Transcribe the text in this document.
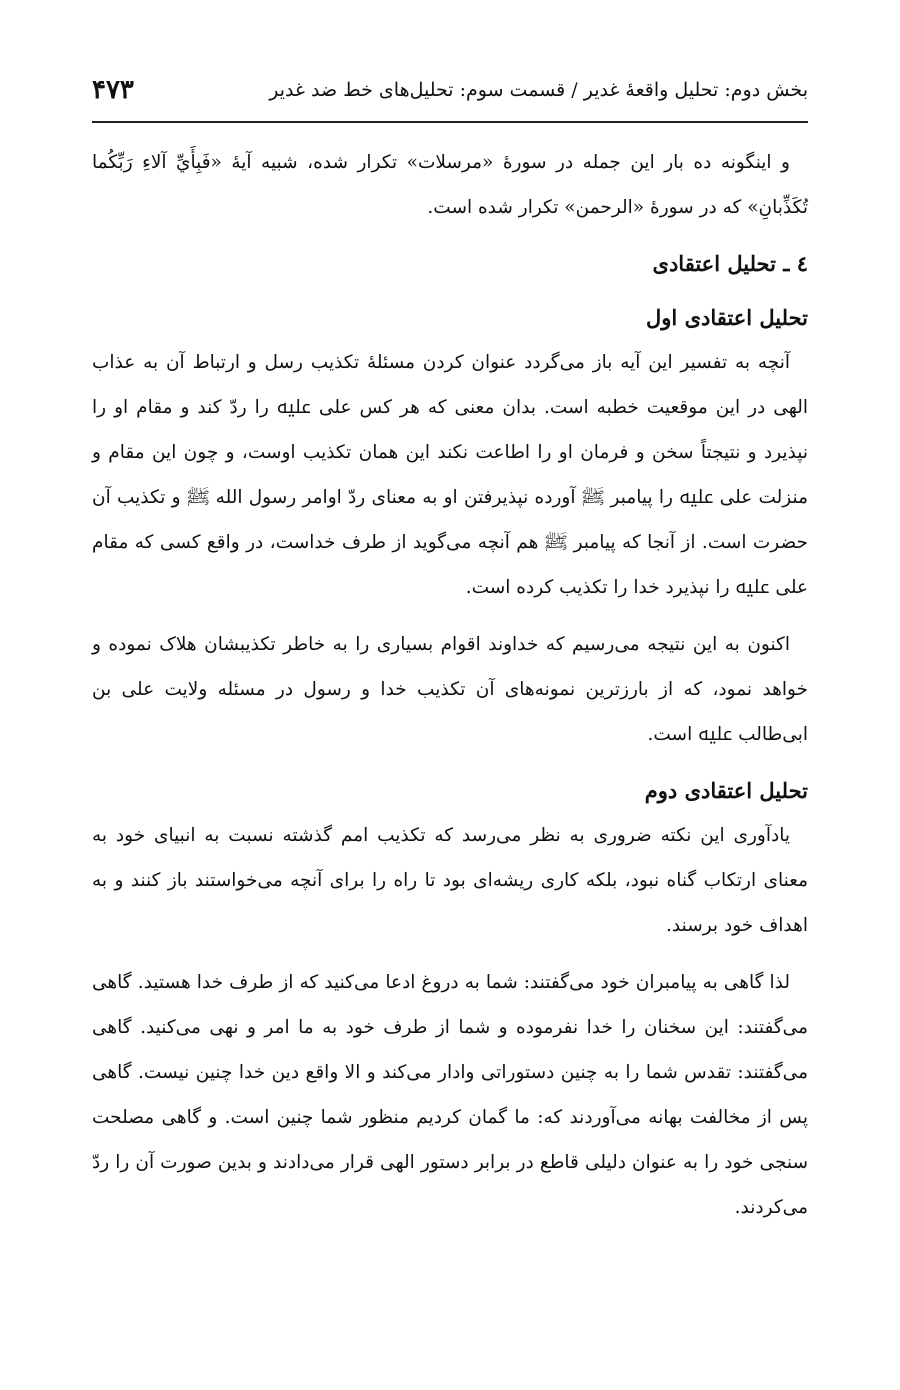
بخش دوم: تحلیل واقعهٔ غدیر / قسمت سوم: تحلیل‌های خط ضد غدیر
۴۷۳

و اینگونه ده بار این جمله در سورهٔ «مرسلات» تکرار شده، شبیه آیهٔ «فَبِأَيِّ آلاءِ رَبِّكُما تُكَذِّبانِ» که در سورهٔ «الرحمن» تکرار شده است.

٤ ـ تحلیل اعتقادی
تحلیل اعتقادی اول

آنچه به تفسیر این آیه باز می‌گردد عنوان کردن مسئلهٔ تکذیب رسل و ارتباط آن به عذاب الهی در این موقعیت خطبه است. بدان معنی که هر کس علی ﷷ را ردّ کند و مقام او را نپذیرد و نتیجتاً سخن و فرمان او را اطاعت نکند این همان تکذیب اوست، و چون این مقام و منزلت علی ﷷ را پیامبر ﷺ آورده نپذیرفتن او به معنای ردّ اوامر رسول الله ﷺ و تکذیب آن حضرت است. از آنجا که پیامبر ﷺ هم آنچه می‌گوید از طرف خداست، در واقع کسی که مقام علی ﷷ را نپذیرد خدا را تکذیب کرده است.

اکنون به این نتیجه می‌رسیم که خداوند اقوام بسیاری را به خاطر تکذیبشان هلاک نموده و خواهد نمود، که از بارزترین نمونه‌های آن تکذیب خدا و رسول در مسئله ولایت علی بن ابی‌طالب ﷷ است.

تحلیل اعتقادی دوم

یادآوری این نکته ضروری به نظر می‌رسد که تکذیب امم گذشته نسبت به انبیای خود به معنای ارتکاب گناه نبود، بلکه کاری ریشه‌ای بود تا راه را برای آنچه می‌خواستند باز کنند و به اهداف خود برسند.

لذا گاهی به پیامبران خود می‌گفتند: شما به دروغ ادعا می‌کنید که از طرف خدا هستید. گاهی می‌گفتند: این سخنان را خدا نفرموده و شما از طرف خود به ما امر و نهی می‌کنید. گاهی می‌گفتند: تقدس شما را به چنین دستوراتی وادار می‌کند و الا واقع دین خدا چنین نیست. گاهی پس از مخالفت بهانه می‌آوردند که: ما گمان کردیم منظور شما چنین است. و گاهی مصلحت سنجی خود را به عنوان دلیلی قاطع در برابر دستور الهی قرار می‌دادند و بدین صورت آن را ردّ می‌کردند.
